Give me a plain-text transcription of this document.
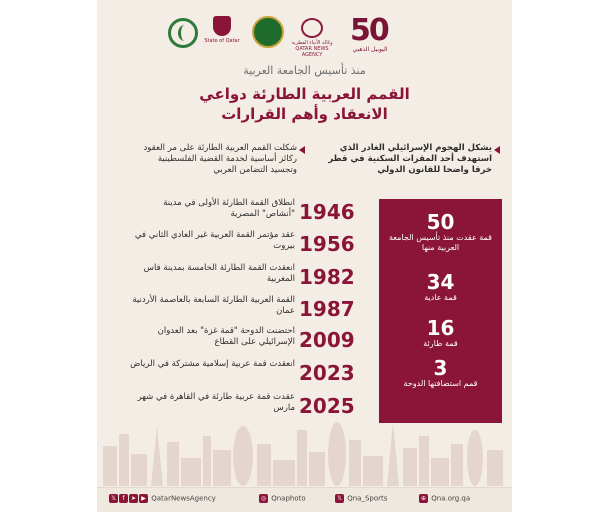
50
اليوبيل الذهبي
وكالة الأنباء القطرية QATAR NEWS AGENCY
State of Qatar
منذ تأسيس الجامعة العربية
القمم العربية الطارئة دواعي
الانعقاد وأهم القرارات
يشكل الهجوم الإسرائيلي الغادر الذي استهدف أحد المقرات السكنية في قطر خرقا واضحا للقانون الدولي
شكلت القمم العربية الطارئة على مر العقود ركائز أساسية لخدمة القضية الفلسطينية وتجسيد التضامن العربي
انطلاق القمة الطارئة الأولى في مدينة "أنشاص" المصرية 1946
عقد مؤتمر القمة العربية غير العادي الثاني في بيروت 1956
انعقدت القمة الطارئة الخامسة بمدينة فاس المغربية 1982
القمة العربية الطارئة السابعة بالعاصمة الأردنية عمان 1987
احتضنت الدوحة "قمة غزة" بعد العدوان الإسرائيلي على القطاع 2009
انعقدت قمة عربية إسلامية مشتركة في الرياض 2023
عقدت قمة عربية طارئة في القاهرة في شهر مارس 2025
50
قمة عقدت منذ تأسيس الجامعة العربية منها
34
قمة عادية
16
قمة طارئة
3
قمم استضافتها الدوحة
𝕏 f ➤ ▶ QatarNewsAgency	◎ Qnaphoto	𝕏 Qna_Sports	⊕ Qna.org.qa
